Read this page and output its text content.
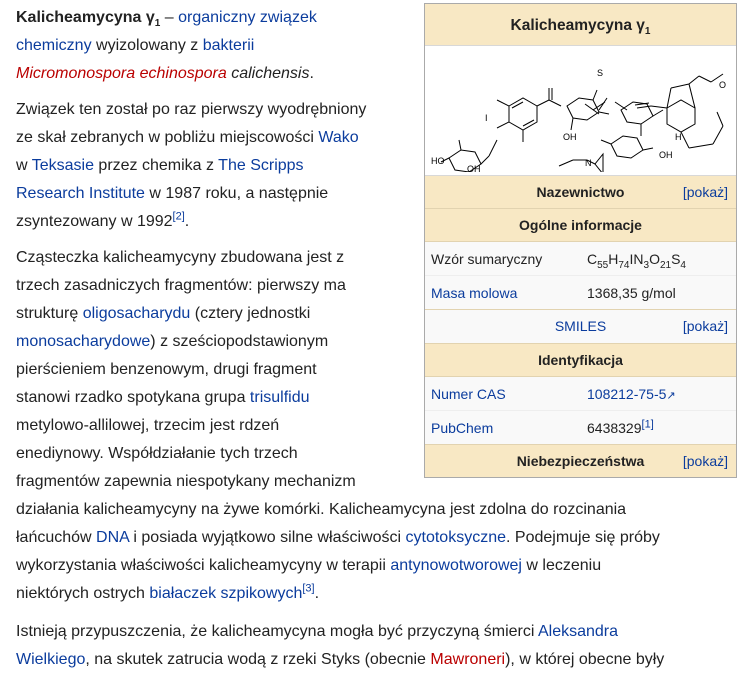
Kalicheamycyna $\gamma_1$
HO
OH
I
OH
S
H
OH
N
O
Nazewnictwo	[pokaż]
Ogólne informacje
Wzór sumaryczny	$C_{55}H_{74}IN_3O_{21}S_4$
Masa molowa	1368,35 g/mol
SMILES	[pokaż]
Identyfikacja
Numer CAS	108212-75-5↗
PubChem	6438329[1]
Niebezpieczeństwa	[pokaż]
Kalicheamycyna $\gamma_1$ – organiczny związek
chemiczny wyizolowany z bakterii
Micromonospora echinospora calichensis.
Związek ten został po raz pierwszy wyodrębniony
ze skał zebranych w pobliżu miejscowości Wako
w Teksasie przez chemika z The Scripps
Research Institute w 1987 roku, a następnie
zsyntezowany w 1992[2].
Cząsteczka kalicheamycyny zbudowana jest z
trzech zasadniczych fragmentów: pierwszy ma
strukturę oligosacharydu (cztery jednostki
monosacharydowe) z sześciopodstawionym
pierścieniem benzenowym, drugi fragment
stanowi rzadko spotykana grupa trisulfidu
metylowo-allilowej, trzecim jest rdzeń
enediynowy. Współdziałanie tych trzech
fragmentów zapewnia niespotykany mechanizm
działania kalicheamycyny na żywe komórki. Kalicheamycyna jest zdolna do rozcinania
łańcuchów DNA i posiada wyjątkowo silne właściwości cytotoksyczne. Podejmuje się próby
wykorzystania właściwości kalicheamycyny w terapii antynowotworowej w leczeniu
niektórych ostrych białaczek szpikowych[3].
Istnieją przypuszczenia, że kalicheamycyna mogła być przyczyną śmierci Aleksandra
Wielkiego, na skutek zatrucia wodą z rzeki Styks (obecnie Mawroneri), w której obecne były
